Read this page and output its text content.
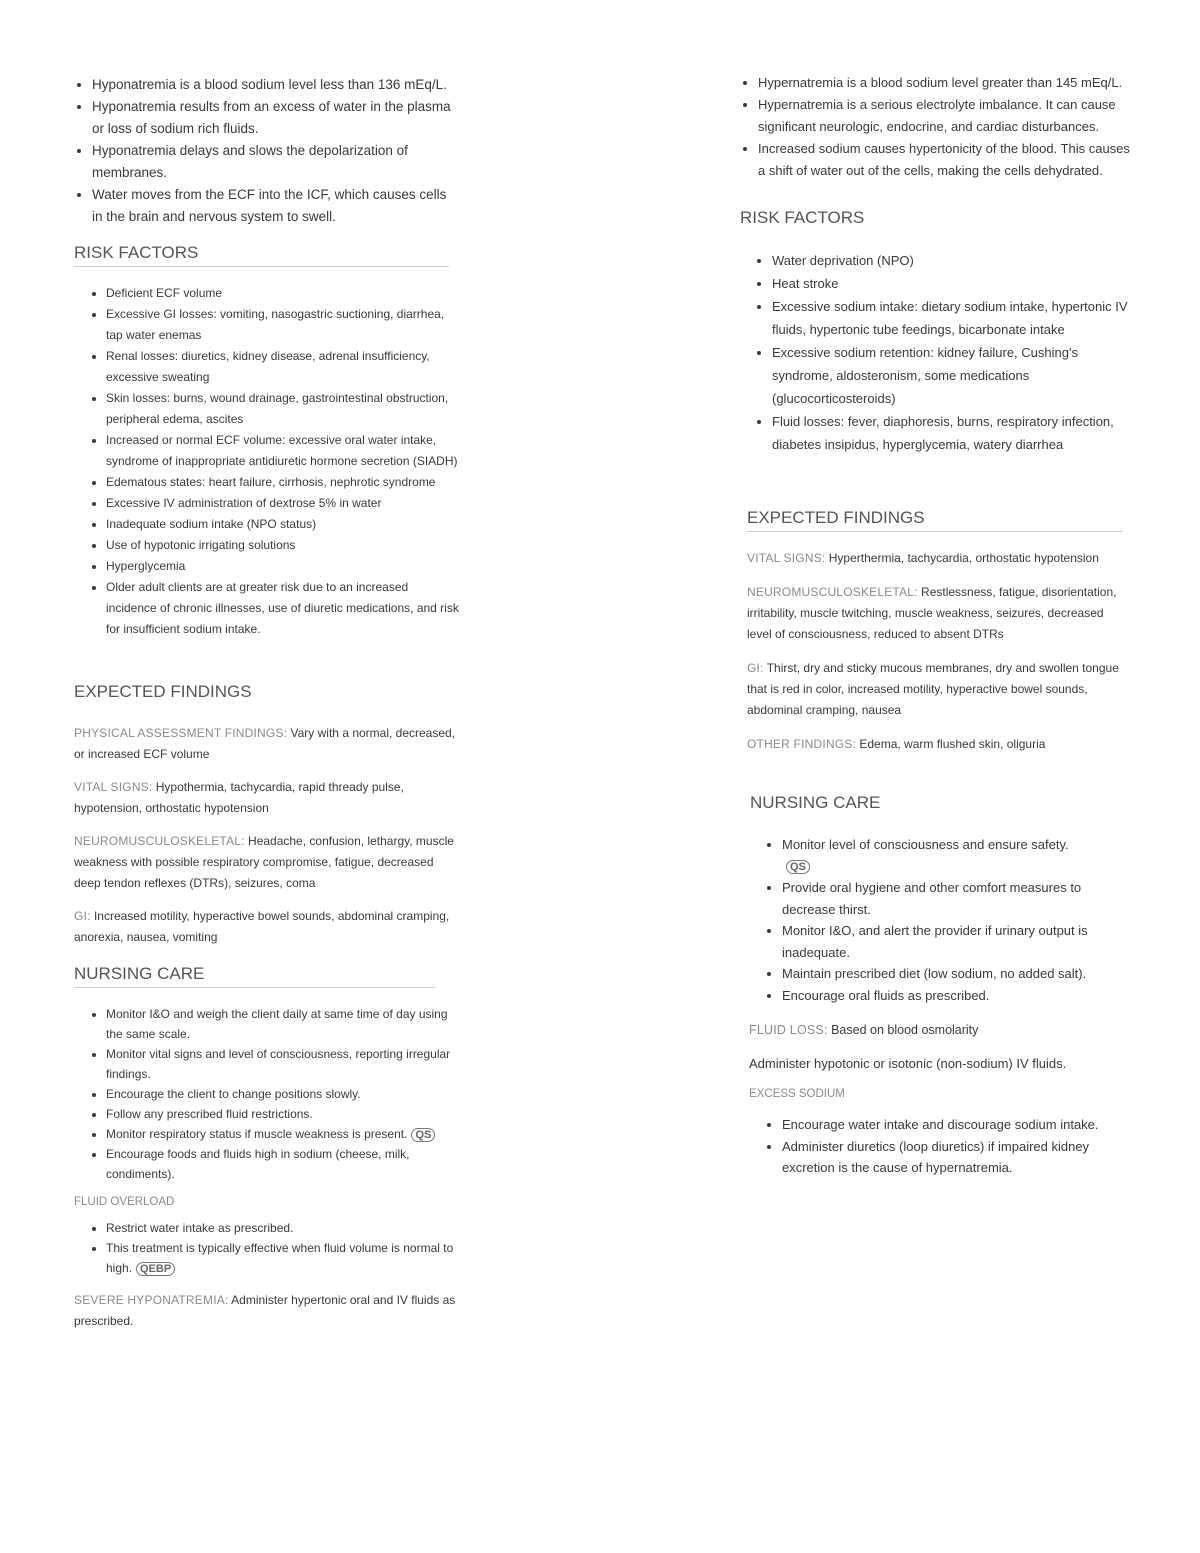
• Hyponatremia is a blood sodium level less than 136 mEq/L.
• Hyponatremia results from an excess of water in the plasma or loss of sodium rich fluids.
• Hyponatremia delays and slows the depolarization of membranes.
• Water moves from the ECF into the ICF, which causes cells in the brain and nervous system to swell.
RISK FACTORS
• Deficient ECF volume
• Excessive GI losses: vomiting, nasogastric suctioning, diarrhea, tap water enemas
• Renal losses: diuretics, kidney disease, adrenal insufficiency, excessive sweating
• Skin losses: burns, wound drainage, gastrointestinal obstruction, peripheral edema, ascites
• Increased or normal ECF volume: excessive oral water intake, syndrome of inappropriate antidiuretic hormone secretion (SIADH)
• Edematous states: heart failure, cirrhosis, nephrotic syndrome
• Excessive IV administration of dextrose 5% in water
• Inadequate sodium intake (NPO status)
• Use of hypotonic irrigating solutions
• Hyperglycemia
• Older adult clients are at greater risk due to an increased incidence of chronic illnesses, use of diuretic medications, and risk for insufficient sodium intake.
EXPECTED FINDINGS

PHYSICAL ASSESSMENT FINDINGS: Vary with a normal, decreased, or increased ECF volume

VITAL SIGNS: Hypothermia, tachycardia, rapid thready pulse, hypotension, orthostatic hypotension

NEUROMUSCULOSKELETAL: Headache, confusion, lethargy, muscle weakness with possible respiratory compromise, fatigue, decreased deep tendon reflexes (DTRs), seizures, coma

GI: Increased motility, hyperactive bowel sounds, abdominal cramping, anorexia, nausea, vomiting

NURSING CARE
• Monitor I&O and weigh the client daily at same time of day using the same scale.
• Monitor vital signs and level of consciousness, reporting irregular findings.
• Encourage the client to change positions slowly.
• Follow any prescribed fluid restrictions.
• Monitor respiratory status if muscle weakness is present. QS
• Encourage foods and fluids high in sodium (cheese, milk, condiments).

FLUID OVERLOAD

• Restrict water intake as prescribed.
• This treatment is typically effective when fluid volume is normal to high. QEBP

SEVERE HYPONATREMIA: Administer hypertonic oral and IV fluids as prescribed.

• Hypernatremia is a blood sodium level greater than 145 mEq/L.
• Hypernatremia is a serious electrolyte imbalance. It can cause significant neurologic, endocrine, and cardiac disturbances.
• Increased sodium causes hypertonicity of the blood. This causes a shift of water out of the cells, making the cells dehydrated.
RISK FACTORS
• Water deprivation (NPO)
• Heat stroke
• Excessive sodium intake: dietary sodium intake, hypertonic IV fluids, hypertonic tube feedings, bicarbonate intake
• Excessive sodium retention: kidney failure, Cushing's syndrome, aldosteronism, some medications (glucocorticosteroids)
• Fluid losses: fever, diaphoresis, burns, respiratory infection, diabetes insipidus, hyperglycemia, watery diarrhea
EXPECTED FINDINGS

VITAL SIGNS: Hyperthermia, tachycardia, orthostatic hypotension

NEUROMUSCULOSKELETAL: Restlessness, fatigue, disorientation, irritability, muscle twitching, muscle weakness, seizures, decreased level of consciousness, reduced to absent DTRs

GI: Thirst, dry and sticky mucous membranes, dry and swollen tongue that is red in color, increased motility, hyperactive bowel sounds, abdominal cramping, nausea

OTHER FINDINGS: Edema, warm flushed skin, oliguria

NURSING CARE
• Monitor level of consciousness and ensure safety.
QS
• Provide oral hygiene and other comfort measures to decrease thirst.
• Monitor I&O, and alert the provider if urinary output is inadequate.
• Maintain prescribed diet (low sodium, no added salt).
• Encourage oral fluids as prescribed.

FLUID LOSS: Based on blood osmolarity

Administer hypotonic or isotonic (non-sodium) IV fluids.

EXCESS SODIUM

• Encourage water intake and discourage sodium intake.
• Administer diuretics (loop diuretics) if impaired kidney excretion is the cause of hypernatremia.
